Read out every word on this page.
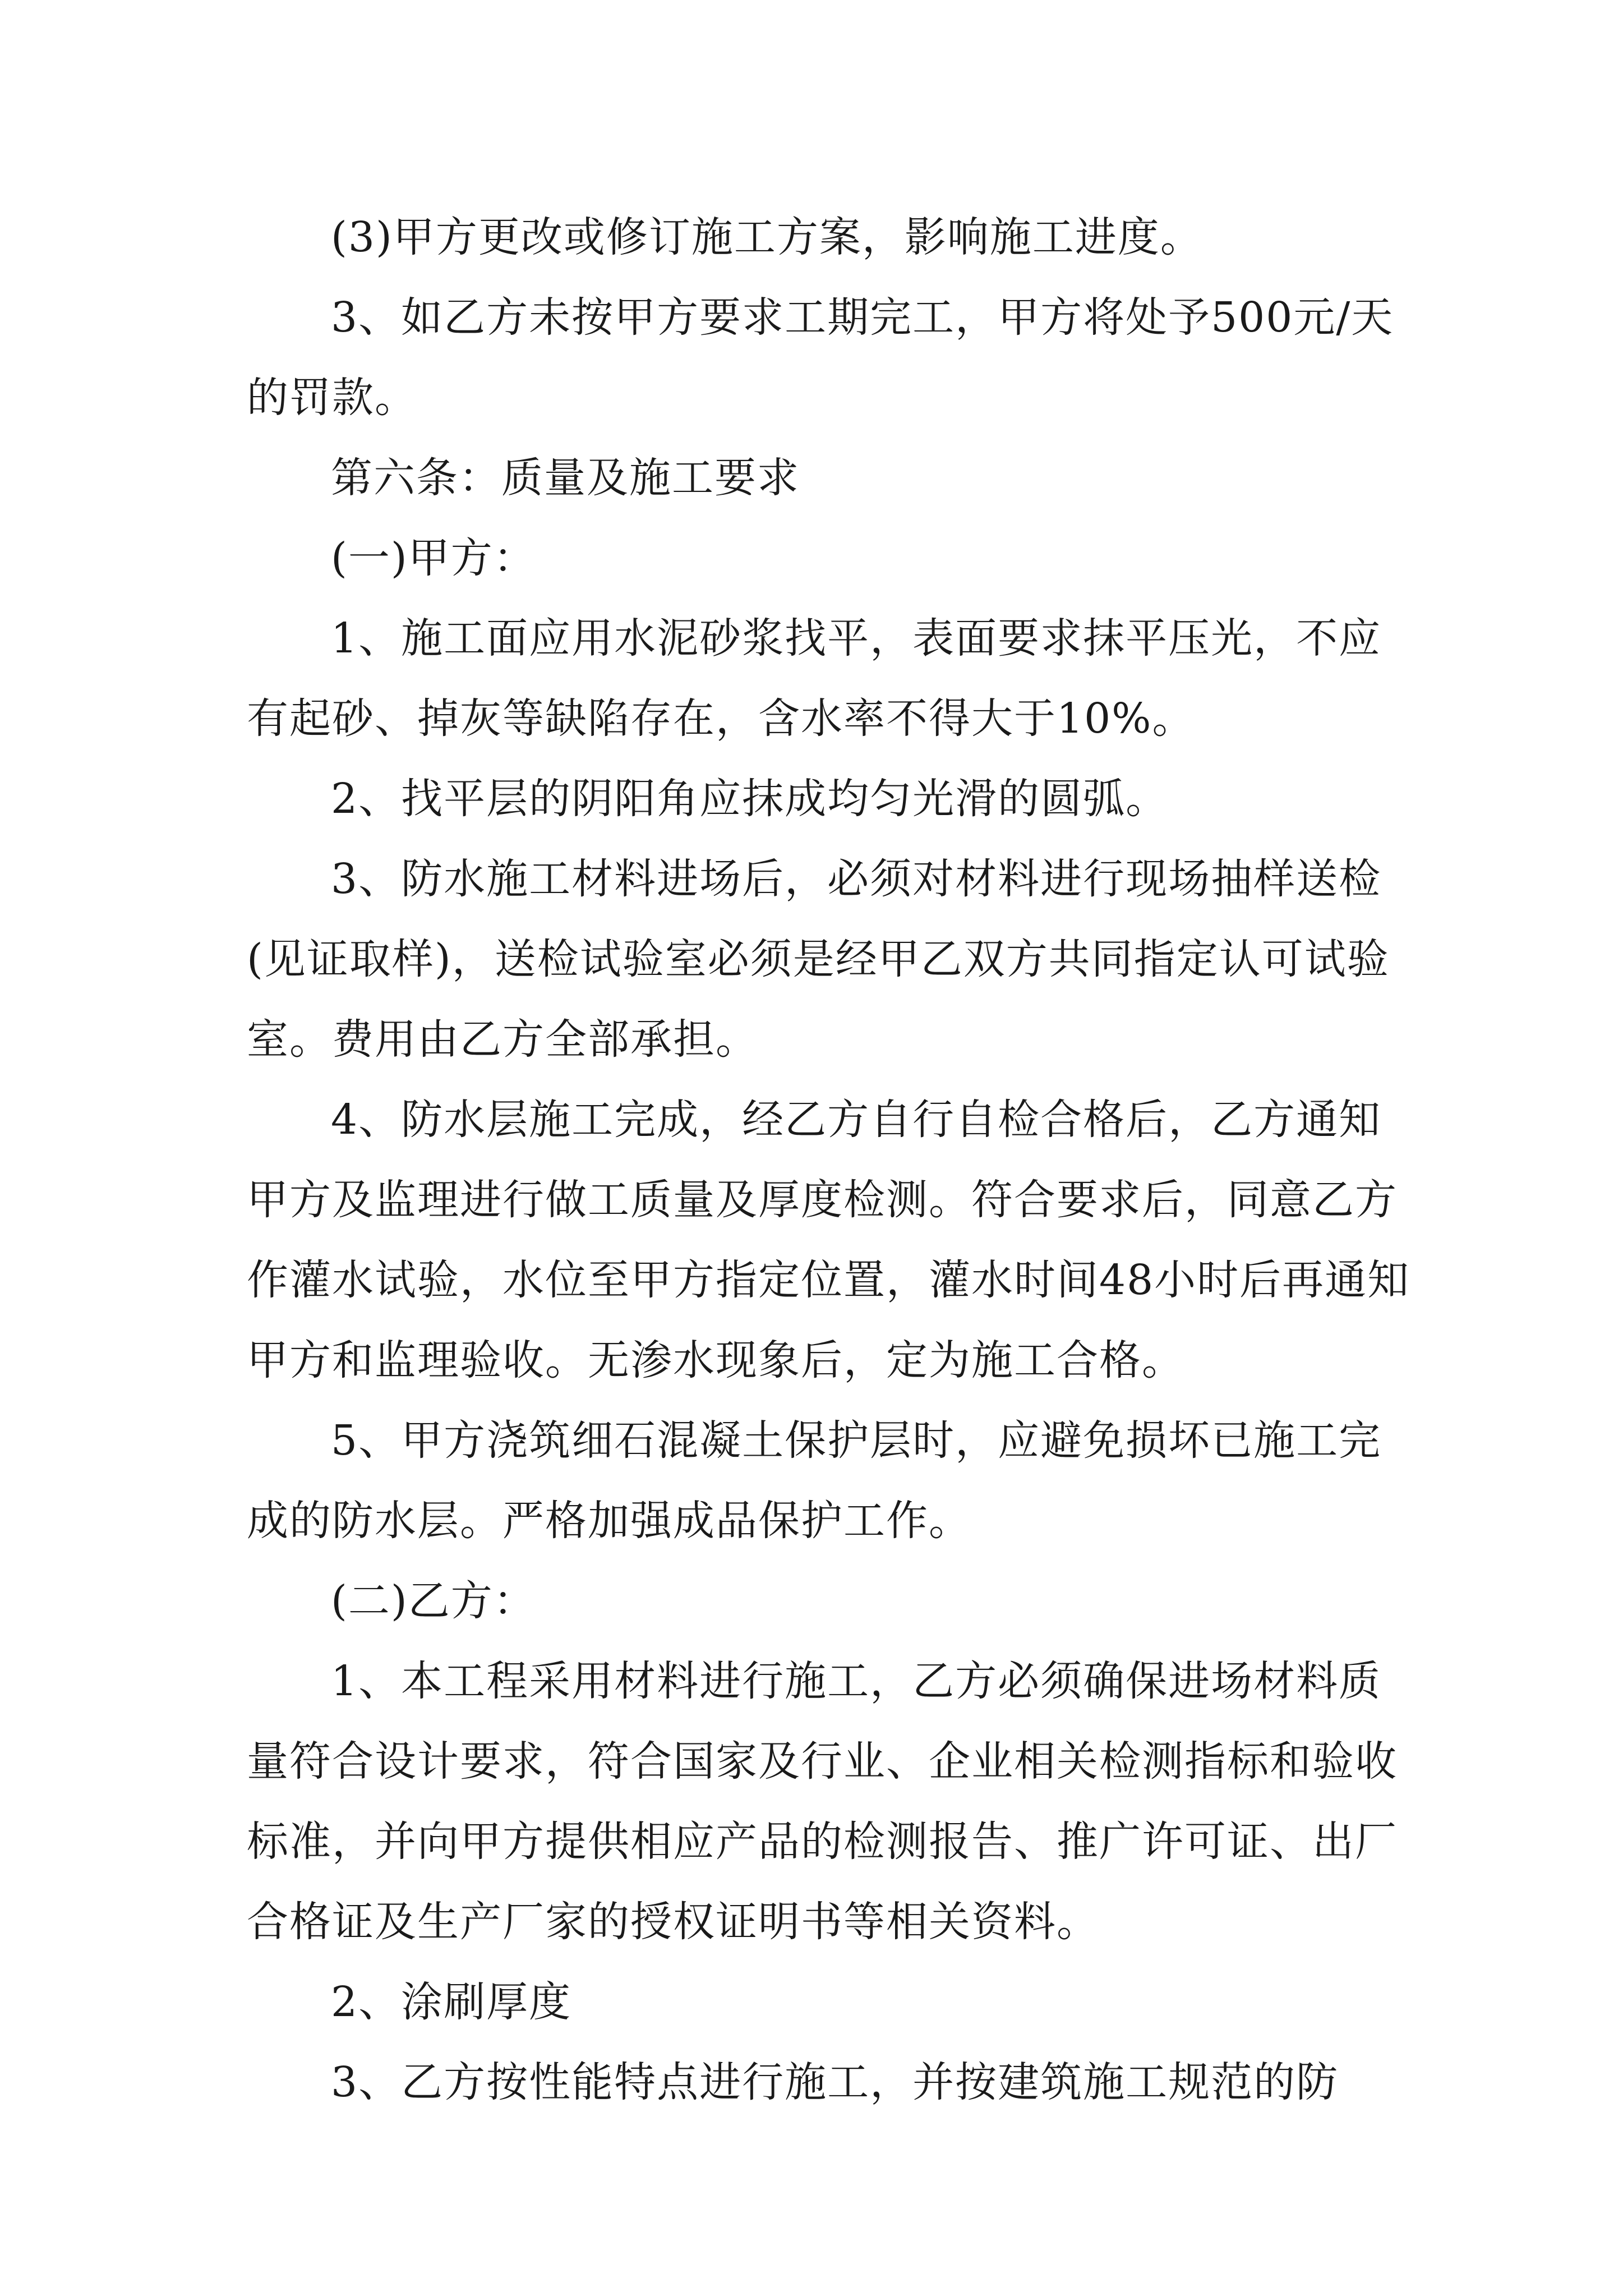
(3)甲方更改或修订施工方案，影响施工进度。

3、如乙方未按甲方要求工期完工，甲方将处予500元/天的罚款。

第六条：质量及施工要求

(一)甲方：

1、施工面应用水泥砂浆找平，表面要求抹平压光，不应有起砂、掉灰等缺陷存在，含水率不得大于10%。

2、找平层的阴阳角应抹成均匀光滑的圆弧。

3、防水施工材料进场后，必须对材料进行现场抽样送检(见证取样)，送检试验室必须是经甲乙双方共同指定认可试验室。费用由乙方全部承担。

4、防水层施工完成，经乙方自行自检合格后，乙方通知甲方及监理进行做工质量及厚度检测。符合要求后，同意乙方作灌水试验，水位至甲方指定位置，灌水时间48小时后再通知甲方和监理验收。无渗水现象后，定为施工合格。

5、甲方浇筑细石混凝土保护层时，应避免损坏已施工完成的防水层。严格加强成品保护工作。

(二)乙方：

1、本工程采用材料进行施工，乙方必须确保进场材料质量符合设计要求，符合国家及行业、企业相关检测指标和验收标准，并向甲方提供相应产品的检测报告、推广许可证、出厂合格证及生产厂家的授权证明书等相关资料。

2、涂刷厚度

3、乙方按性能特点进行施工，并按建筑施工规范的防
